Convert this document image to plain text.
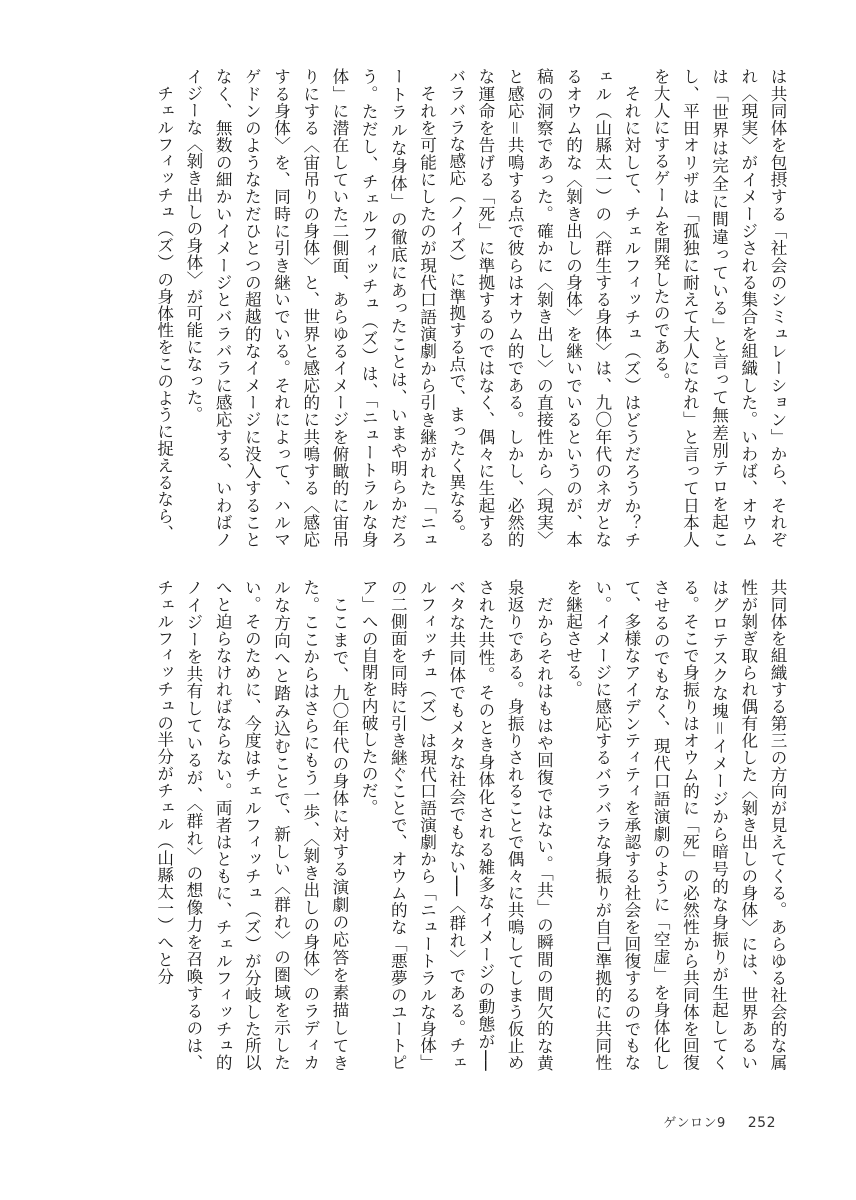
は共同体を包摂する「社会のシミュレーション」から、それぞれ〈現実〉がイメージされる集合を組織した。いわば、オウムは「世界は完全に間違っている」と言って無差別テロを起こし、平田オリザは「孤独に耐えて大人になれ」と言って日本人を大人にするゲームを開発したのである。
それに対して、チェルフィッチュ（ズ）はどうだろうか？チェル（山縣太一）の〈群生する身体〉は、九〇年代のネガとなるオウム的な〈剝き出しの身体〉を継いでいるというのが、本稿の洞察であった。確かに〈剝き出し〉の直接性から〈現実〉と感応＝共鳴する点で彼らはオウム的である。しかし、必然的な運命を告げる「死」に準拠するのではなく、偶々に生起するバラバラな感応（ノイズ）に準拠する点で、まったく異なる。
それを可能にしたのが現代口語演劇から引き継がれた「ニュートラルな身体」の徹底にあったことは、いまや明らかだろう。ただし、チェルフィッチュ（ズ）は、「ニュートラルな身体」に潜在していた二側面、あらゆるイメージを俯瞰的に宙吊りにする〈宙吊りの身体〉と、世界と感応的に共鳴する〈感応する身体〉を、同時に引き継いでいる。それによって、ハルマゲドンのようなただひとつの超越的なイメージに没入することなく、無数の細かいイメージとバラバラに感応する、いわばノイジーな〈剝き出しの身体〉が可能になった。
チェルフィッチュ（ズ）の身体性をこのように捉えるなら、
共同体を組織する第三の方向が見えてくる。あらゆる社会的な属性が剝ぎ取られ偶有化した〈剝き出しの身体〉には、世界あるいはグロテスクな塊＝イメージから暗号的な身振りが生起してくる。そこで身振りはオウム的に「死」の必然性から共同体を回復させるのでもなく、現代口語演劇のように「空虚」を身体化して、多様なアイデンティティを承認する社会を回復するのでもない。イメージに感応するバラバラな身振りが自己準拠的に共同性を継起させる。
だからそれはもはや回復ではない。「共」の瞬間の間欠的な黄泉返りである。身振りされることで偶々に共鳴してしまう仮止めされた共性。そのとき身体化される雑多なイメージの動態が──ベタな共同体でもメタな社会でもない──〈群れ〉である。チェルフィッチュ（ズ）は現代口語演劇から「ニュートラルな身体」の二側面を同時に引き継ぐことで、オウム的な「悪夢のユートピア」への自閉を内破したのだ。
ここまで、九〇年代の身体に対する演劇の応答を素描してきた。ここからはさらにもう一歩、〈剝き出しの身体〉のラディカルな方向へと踏み込むことで、新しい〈群れ〉の圏域を示したい。そのために、今度はチェルフィッチュ（ズ）が分岐した所以へと迫らなければならない。両者はともに、チェルフィッチュ的ノイジーを共有しているが、〈群れ〉の想像力を召喚するのは、チェルフィッチュの半分がチェル（山縣太一）へと分
ゲンロン9 252
